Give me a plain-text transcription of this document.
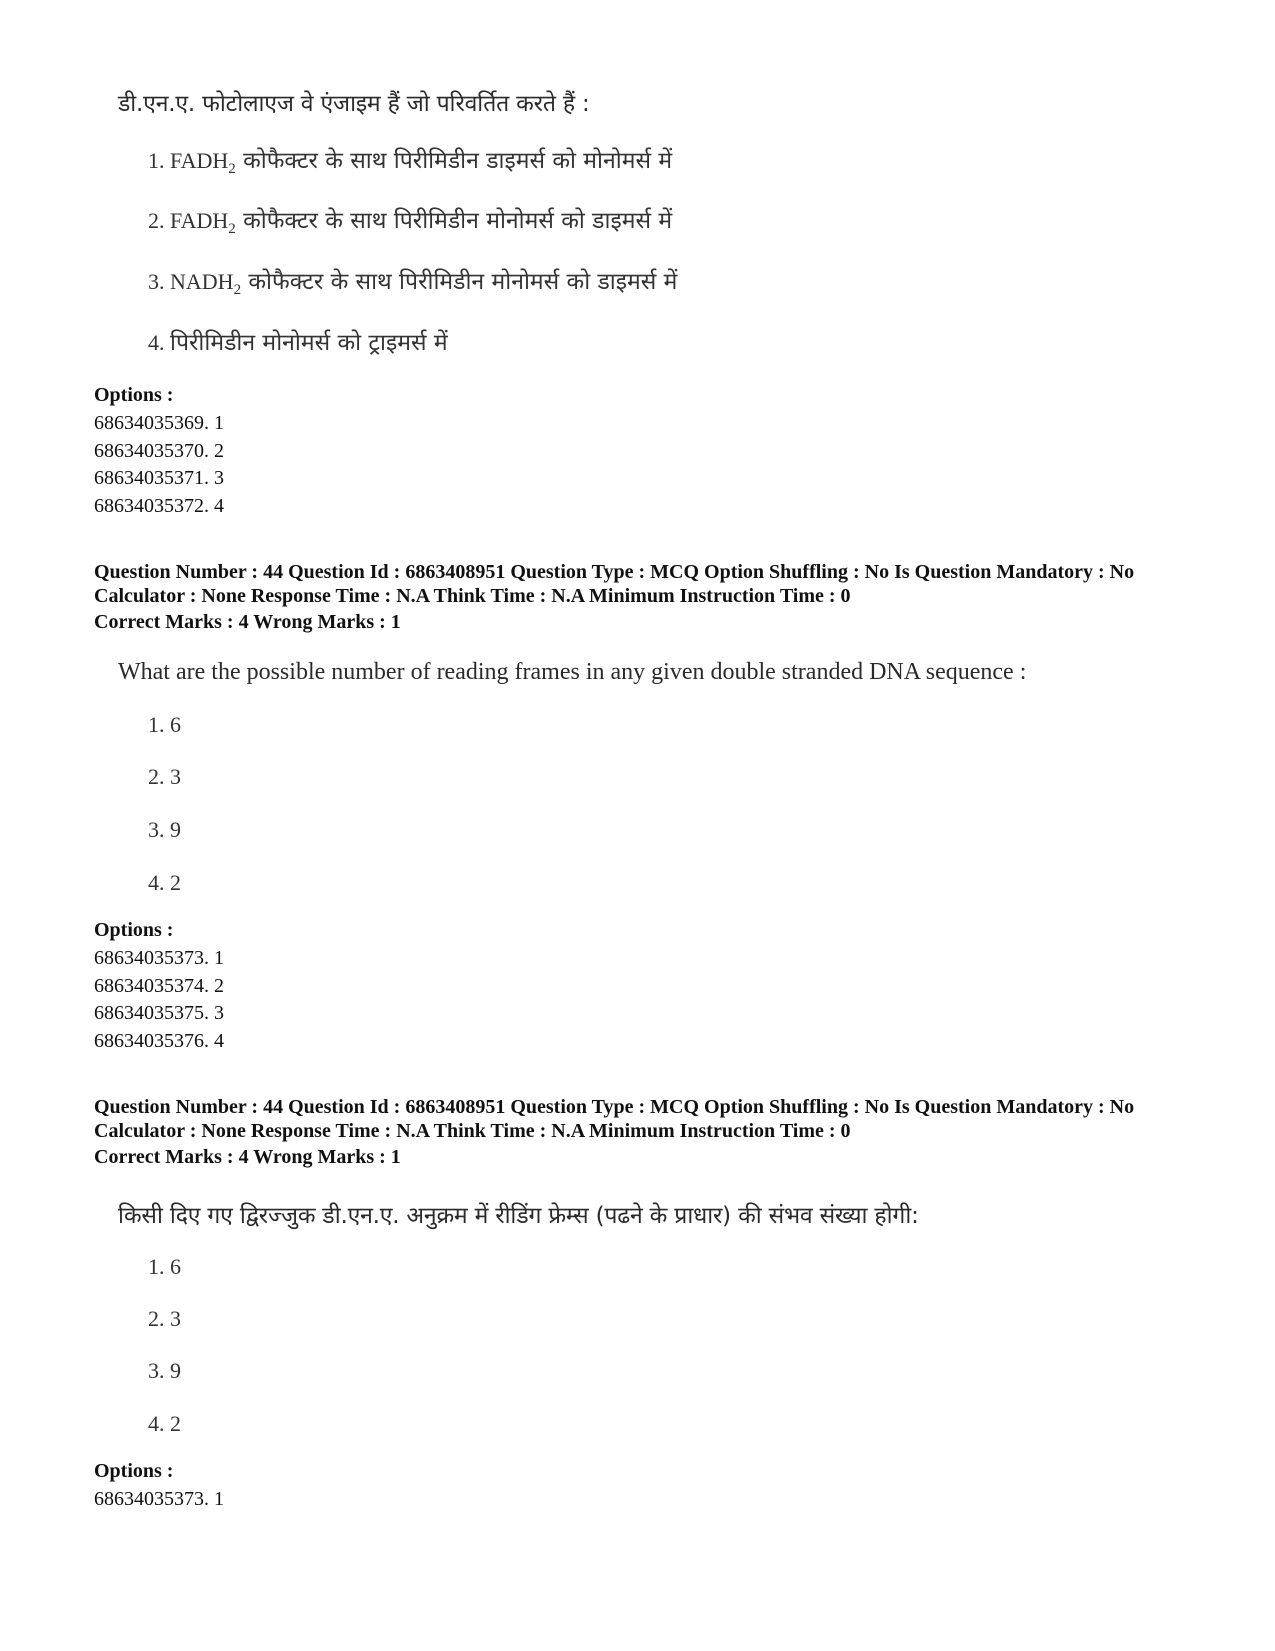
डी.एन.ए. फोटोलाएज वे एंजाइम हैं जो परिवर्तित करते हैं :
1. $FADH_2$ कोफैक्टर के साथ पिरीमिडीन डाइमर्स को मोनोमर्स में
2. $FADH_2$ कोफैक्टर के साथ पिरीमिडीन मोनोमर्स को डाइमर्स में
3. $NADH_2$ कोफैक्टर के साथ पिरीमिडीन मोनोमर्स को डाइमर्स में
4. पिरीमिडीन मोनोमर्स को ट्राइमर्स में
Options :
68634035369. 1
68634035370. 2
68634035371. 3
68634035372. 4
Question Number : 44 Question Id : 6863408951 Question Type : MCQ Option Shuffling : No Is Question Mandatory : No Calculator : None Response Time : N.A Think Time : N.A Minimum Instruction Time : 0
Correct Marks : 4 Wrong Marks : 1
What are the possible number of reading frames in any given double stranded DNA sequence :
1. 6
2. 3
3. 9
4. 2
Options :
68634035373. 1
68634035374. 2
68634035375. 3
68634035376. 4
Question Number : 44 Question Id : 6863408951 Question Type : MCQ Option Shuffling : No Is Question Mandatory : No Calculator : None Response Time : N.A Think Time : N.A Minimum Instruction Time : 0
Correct Marks : 4 Wrong Marks : 1
किसी दिए गए द्विरज्जुक डी.एन.ए. अनुक्रम में रीडिंग फ्रेम्स (पढने के प्राधार) की संभव संख्या होगी:
1. 6
2. 3
3. 9
4. 2
Options :
68634035373. 1
